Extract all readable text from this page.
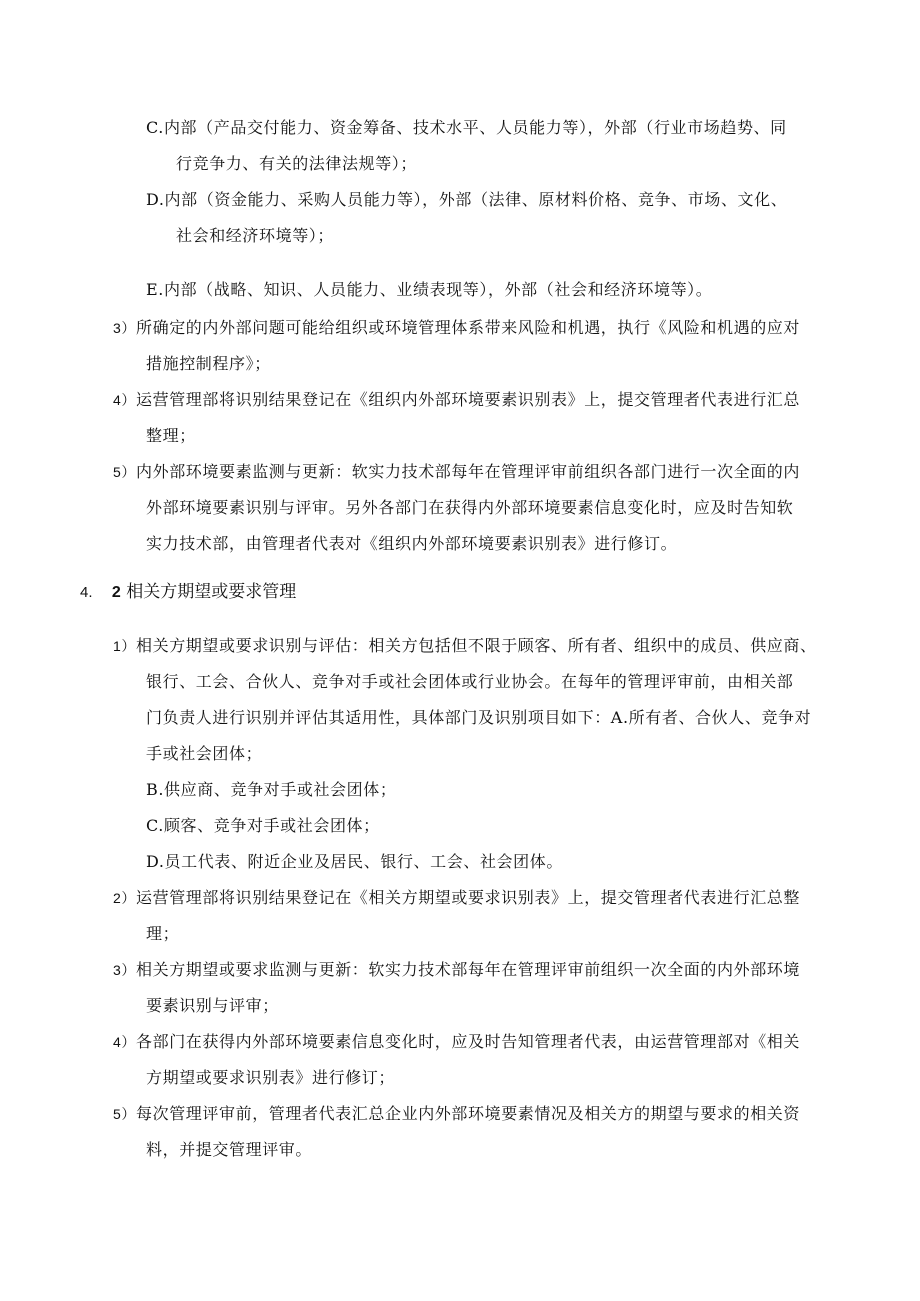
C.内部（产品交付能力、资金筹备、技术水平、人员能力等），外部（行业市场趋势、同
行竞争力、有关的法律法规等）；
D.内部（资金能力、采购人员能力等），外部（法律、原材料价格、竞争、市场、文化、
社会和经济环境等）；
E.内部（战略、知识、人员能力、业绩表现等），外部（社会和经济环境等）。
3）所确定的内外部问题可能给组织或环境管理体系带来风险和机遇，执行《风险和机遇的应对
措施控制程序》；
4）运营管理部将识别结果登记在《组织内外部环境要素识别表》上，提交管理者代表进行汇总
整理；
5）内外部环境要素监测与更新：软实力技术部每年在管理评审前组织各部门进行一次全面的内
外部环境要素识别与评审。另外各部门在获得内外部环境要素信息变化时，应及时告知软
实力技术部，由管理者代表对《组织内外部环境要素识别表》进行修订。
4. 2 相关方期望或要求管理
1）相关方期望或要求识别与评估：相关方包括但不限于顾客、所有者、组织中的成员、供应商、
银行、工会、合伙人、竞争对手或社会团体或行业协会。在每年的管理评审前，由相关部
门负责人进行识别并评估其适用性，具体部门及识别项目如下：A.所有者、合伙人、竞争对
手或社会团体；
B.供应商、竞争对手或社会团体；
C.顾客、竞争对手或社会团体；
D.员工代表、附近企业及居民、银行、工会、社会团体。
2）运营管理部将识别结果登记在《相关方期望或要求识别表》上，提交管理者代表进行汇总整
理；
3）相关方期望或要求监测与更新：软实力技术部每年在管理评审前组织一次全面的内外部环境
要素识别与评审；
4）各部门在获得内外部环境要素信息变化时，应及时告知管理者代表，由运营管理部对《相关
方期望或要求识别表》进行修订；
5）每次管理评审前，管理者代表汇总企业内外部环境要素情况及相关方的期望与要求的相关资
料，并提交管理评审。
